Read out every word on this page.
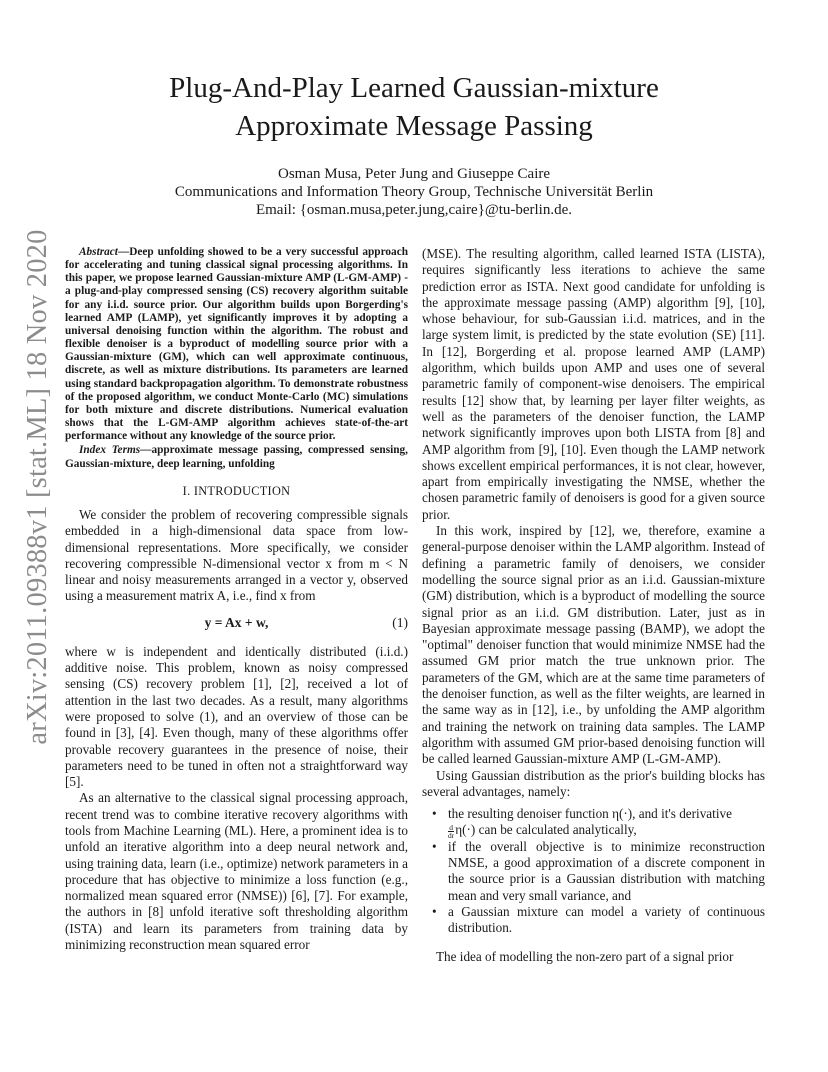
arXiv:2011.09388v1 [stat.ML] 18 Nov 2020
Plug-And-Play Learned Gaussian-mixture
Approximate Message Passing
Osman Musa, Peter Jung and Giuseppe Caire
Communications and Information Theory Group, Technische Universität Berlin
Email: {osman.musa,peter.jung,caire}@tu-berlin.de.

Abstract—Deep unfolding showed to be a very successful approach for accelerating and tuning classical signal processing algorithms. In this paper, we propose learned Gaussian-mixture AMP (L-GM-AMP) - a plug-and-play compressed sensing (CS) recovery algorithm suitable for any i.i.d. source prior. Our algorithm builds upon Borgerding's learned AMP (LAMP), yet significantly improves it by adopting a universal denoising function within the algorithm. The robust and flexible denoiser is a byproduct of modelling source prior with a Gaussian-mixture (GM), which can well approximate continuous, discrete, as well as mixture distributions. Its parameters are learned using standard backpropagation algorithm. To demonstrate robustness of the proposed algorithm, we conduct Monte-Carlo (MC) simulations for both mixture and discrete distributions. Numerical evaluation shows that the L-GM-AMP algorithm achieves state-of-the-art performance without any knowledge of the source prior.

Index Terms—approximate message passing, compressed sensing, Gaussian-mixture, deep learning, unfolding

I. INTRODUCTION

We consider the problem of recovering compressible signals embedded in a high-dimensional data space from low-dimensional representations. More specifically, we consider recovering compressible N-dimensional vector x from m < N linear and noisy measurements arranged in a vector y, observed using a measurement matrix A, i.e., find x from

y = Ax + w,	(1)

where w is independent and identically distributed (i.i.d.) additive noise. This problem, known as noisy compressed sensing (CS) recovery problem [1], [2], received a lot of attention in the last two decades. As a result, many algorithms were proposed to solve (1), and an overview of those can be found in [3], [4]. Even though, many of these algorithms offer provable recovery guarantees in the presence of noise, their parameters need to be tuned in often not a straightforward way [5].

As an alternative to the classical signal processing approach, recent trend was to combine iterative recovery algorithms with tools from Machine Learning (ML). Here, a prominent idea is to unfold an iterative algorithm into a deep neural network and, using training data, learn (i.e., optimize) network parameters in a procedure that has objective to minimize a loss function (e.g., normalized mean squared error (NMSE)) [6], [7]. For example, the authors in [8] unfold iterative soft thresholding algorithm (ISTA) and learn its parameters from training data by minimizing reconstruction mean squared error

(MSE). The resulting algorithm, called learned ISTA (LISTA), requires significantly less iterations to achieve the same prediction error as ISTA. Next good candidate for unfolding is the approximate message passing (AMP) algorithm [9], [10], whose behaviour, for sub-Gaussian i.i.d. matrices, and in the large system limit, is predicted by the state evolution (SE) [11]. In [12], Borgerding et al. propose learned AMP (LAMP) algorithm, which builds upon AMP and uses one of several parametric family of component-wise denoisers. The empirical results [12] show that, by learning per layer filter weights, as well as the parameters of the denoiser function, the LAMP network significantly improves upon both LISTA from [8] and AMP algorithm from [9], [10]. Even though the LAMP network shows excellent empirical performances, it is not clear, however, apart from empirically investigating the NMSE, whether the chosen parametric family of denoisers is good for a given source prior.

In this work, inspired by [12], we, therefore, examine a general-purpose denoiser within the LAMP algorithm. Instead of defining a parametric family of denoisers, we consider modelling the source signal prior as an i.i.d. Gaussian-mixture (GM) distribution, which is a byproduct of modelling the source signal prior as an i.i.d. GM distribution. Later, just as in Bayesian approximate message passing (BAMP), we adopt the "optimal" denoiser function that would minimize NMSE had the assumed GM prior match the true unknown prior. The parameters of the GM, which are at the same time parameters of the denoiser function, as well as the filter weights, are learned in the same way as in [12], i.e., by unfolding the AMP algorithm and training the network on training data samples. The LAMP algorithm with assumed GM prior-based denoising function will be called learned Gaussian-mixture AMP (L-GM-AMP).

Using Gaussian distribution as the prior's building blocks has several advantages, namely:

• the resulting denoiser function η(·), and it's derivative

$\frac{d}{dr} \eta(\cdot)$ can be calculated analytically,
• if the overall objective is to minimize reconstruction NMSE, a good approximation of a discrete component in the source prior is a Gaussian distribution with matching mean and very small variance, and
• a Gaussian mixture can model a variety of continuous distribution.

The idea of modelling the non-zero part of a signal prior
